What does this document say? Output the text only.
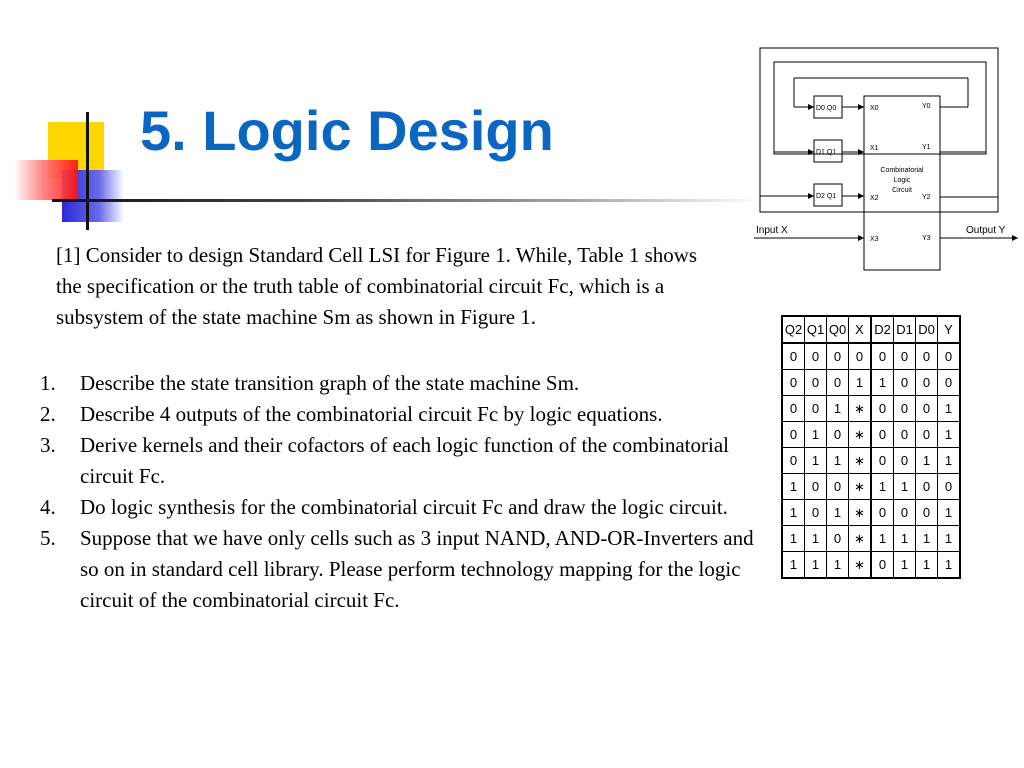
5. Logic Design

[1] Consider to design Standard Cell LSI for Figure 1. While, Table 1 shows the specification or the truth table of combinatorial circuit Fc, which is a subsystem of the state machine Sm as shown in Figure 1.

1. Describe the state transition graph of the state machine Sm.
2. Describe 4 outputs of the combinatorial circuit Fc by logic equations.
3. Derive kernels and their cofactors of each logic function of the combinatorial circuit Fc.
4. Do logic synthesis for the combinatorial circuit Fc and draw the logic circuit.
5. Suppose that we have only cells such as 3 input NAND, AND-OR-Inverters and so on in standard cell library. Please perform technology mapping for the logic circuit of the combinatorial circuit Fc.
D0 Q0
D1 Q1
D2 Q1
X0
X1
X2
X3
Y0
Y1
Y2
Y3
Combinatorial
Logic
Circuit
Input X	Output Y
Q2	Q1	Q0	X	D2	D1	D0	Y
0	0	0	0	0	0	0	0
0	0	0	1	1	0	0	0
0	0	1	∗	0	0	0	1
0	1	0	∗	0	0	0	1
0	1	1	∗	0	0	1	1
1	0	0	∗	1	1	0	0
1	0	1	∗	0	0	0	1
1	1	0	∗	1	1	1	1
1	1	1	∗	0	1	1	1
